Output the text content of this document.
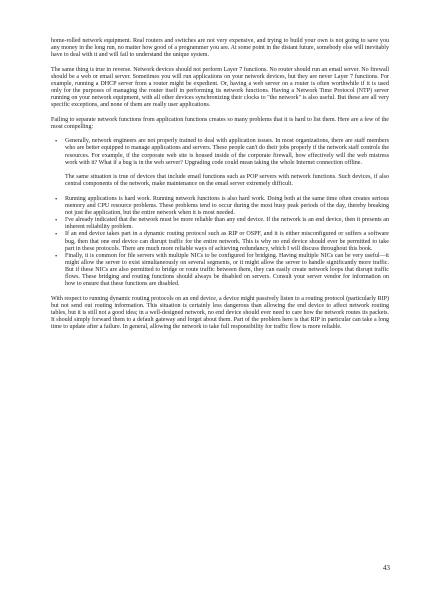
home-rolled network equipment. Real routers and switches are not very expensive, and trying to build your own is not going to save you any money in the long run, no matter how good of a programmer you are. At some point in the distant future, somebody else will inevitably have to deal with it and will fail to understand the unique system.

The same thing is true in reverse. Network devices should not perform Layer 7 functions. No router should run an email server. No firewall should be a web or email server. Sometimes you will run applications on your network devices, but they are never Layer 7 functions. For example, running a DHCP server from a router might be expedient. Or, having a web server on a router is often worthwhile if it is used only for the purposes of managing the router itself in performing its network functions. Having a Network Time Protocol (NTP) server running on your network equipment, with all other devices synchronizing their clocks to "the network" is also useful. But these are all very specific exceptions, and none of them are really user applications.

Failing to separate network functions from application functions creates so many problems that it is hard to list them. Here are a few of the most compelling:

• Generally, network engineers are not properly trained to deal with application issues. In most organizations, there are staff members who are better equipped to manage applications and servers. These people can't do their jobs properly if the network staff controls the resources. For example, if the corporate web site is housed inside of the corporate firewall, how effectively will the web mistress work with it? What if a bug is in the web server? Upgrading code could mean taking the whole Internet connection offline.
The same situation is true of devices that include email functions such as POP servers with network functions. Such devices, if also central components of the network, make maintenance on the email server extremely difficult.
• Running applications is hard work. Running network functions is also hard work. Doing both at the same time often creates serious memory and CPU resource problems. These problems tend to occur during the most busy peak periods of the day, thereby breaking not just the application, but the entire network when it is most needed.
• I've already indicated that the network must be more reliable than any end device. If the network is an end device, then it presents an inherent reliability problem.
• If an end device takes part in a dynamic routing protocol such as RIP or OSPF, and it is either misconfigured or suffers a software bug, then that one end device can disrupt traffic for the entire network. This is why no end device should ever be permitted to take part in these protocols. There are much more reliable ways of achieving redundancy, which I will discuss throughout this book.
• Finally, it is common for file servers with multiple NICs to be configured for bridging. Having multiple NICs can be very useful—it might allow the server to exist simultaneously on several segments, or it might allow the server to handle significantly more traffic. But if these NICs are also permitted to bridge or route traffic between them, they can easily create network loops that disrupt traffic flows. These bridging and routing functions should always be disabled on servers. Consult your server vendor for information on how to ensure that these functions are disabled.

With respect to running dynamic routing protocols on an end device, a device might passively listen to a routing protocol (particularly RIP) but not send out routing information. This situation is certainly less dangerous than allowing the end device to affect network routing tables, but it is still not a good idea; in a well-designed network, no end device should ever need to care how the network routes its packets. It should simply forward them to a default gateway and forget about them. Part of the problem here is that RIP in particular can take a long time to update after a failure. In general, allowing the network to take full responsibility for traffic flow is more reliable.

43
